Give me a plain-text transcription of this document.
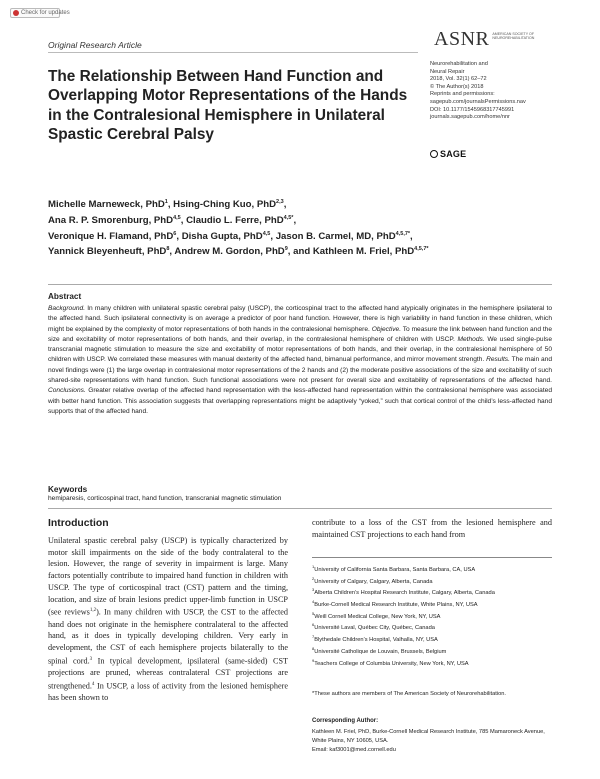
Check for updates
Original Research Article	ASNR AMERICAN SOCIETY OF NEUROREHABILITATION
The Relationship Between Hand Function and Overlapping Motor Representations of the Hands in the Contralesional Hemisphere in Unilateral Spastic Cerebral Palsy
Neurorehabilitation and
Neural Repair
2018, Vol. 32(1) 62–72
© The Author(s) 2018
Reprints and permissions:
sagepub.com/journalsPermissions.nav
DOI: 10.1177/1545968317745991
journals.sagepub.com/home/nnr
SAGE
Michelle Marneweck, PhD$^1$, Hsing-Ching Kuo, PhD$^{2,3}$,
Ana R. P. Smorenburg, PhD$^{4,5}$, Claudio L. Ferre, PhD$^{4,5*}$,
Veronique H. Flamand, PhD$^6$, Disha Gupta, PhD$^{4,5}$, Jason B. Carmel, MD, PhD$^{4,5,7*}$,
Yannick Bleyenheuft, PhD$^8$, Andrew M. Gordon, PhD$^9$, and Kathleen M. Friel, PhD$^{4,5,7*}$
Abstract
Background. In many children with unilateral spastic cerebral palsy (USCP), the corticospinal tract to the affected hand atypically originates in the hemisphere ipsilateral to the affected hand. Such ipsilateral connectivity is on average a predictor of poor hand function. However, there is high variability in hand function in these children, which might be explained by the complexity of motor representations of both hands in the contralesional hemisphere. Objective. To measure the link between hand function and the size and excitability of motor representations of both hands, and their overlap, in the contralesional hemisphere of children with USCP. Methods. We used single-pulse transcranial magnetic stimulation to measure the size and excitability of motor representations of both hands, and their overlap, in the contralesional hemisphere of 50 children with USCP. We correlated these measures with manual dexterity of the affected hand, bimanual performance, and mirror movement strength. Results. The main and novel findings were (1) the large overlap in contralesional motor representations of the 2 hands and (2) the moderate positive associations of the size and excitability of such shared-site representations with hand function. Such functional associations were not present for overall size and excitability of representations of the affected hand. Conclusions. Greater relative overlap of the affected hand representation with the less-affected hand representation within the contralesional hemisphere was associated with better hand function. This association suggests that overlapping representations might be adaptively “yoked,” such that cortical control of the child’s less-affected hand supports that of the affected hand.
Keywords
hemiparesis, corticospinal tract, hand function, transcranial magnetic stimulation
Introduction
Unilateral spastic cerebral palsy (USCP) is typically characterized by motor skill impairments on the side of the body contralateral to the lesion. However, the range of severity in impairment is large. Many factors potentially contribute to impaired hand function in children with USCP. The type of corticospinal tract (CST) pattern and the timing, location, and size of brain lesions predict upper-limb function in USCP (see reviews$^{1,2}$). In many children with USCP, the CST to the affected hand does not originate in the hemisphere contralateral to the affected hand, as it does in typically developing children. Very early in development, the CST of each hemisphere projects bilaterally to the spinal cord.$^3$ In typical development, ipsilateral (same-sided) CST projections are pruned, whereas contralateral CST projections are strengthened.$^4$ In USCP, a loss of activity from the lesioned hemisphere has been shown to
contribute to a loss of the CST from the lesioned hemisphere and maintained CST projections to each hand from
$^1$University of California Santa Barbara, Santa Barbara, CA, USA
$^2$University of Calgary, Calgary, Alberta, Canada
$^3$Alberta Children’s Hospital Research Institute, Calgary, Alberta, Canada
$^4$Burke-Cornell Medical Research Institute, White Plains, NY, USA
$^5$Weill Cornell Medical College, New York, NY, USA
$^6$Université Laval, Québec City, Québec, Canada
$^7$Blythedale Children’s Hospital, Valhalla, NY, USA
$^8$Université Catholique de Louvain, Brussels, Belgium
$^9$Teachers College of Columbia University, New York, NY, USA
*These authors are members of The American Society of Neurorehabilitation.
Corresponding Author:
Kathleen M. Friel, PhD, Burke-Cornell Medical Research Institute, 785 Mamaroneck Avenue, White Plains, NY 10605, USA.
Email: kaf3001@med.cornell.edu
